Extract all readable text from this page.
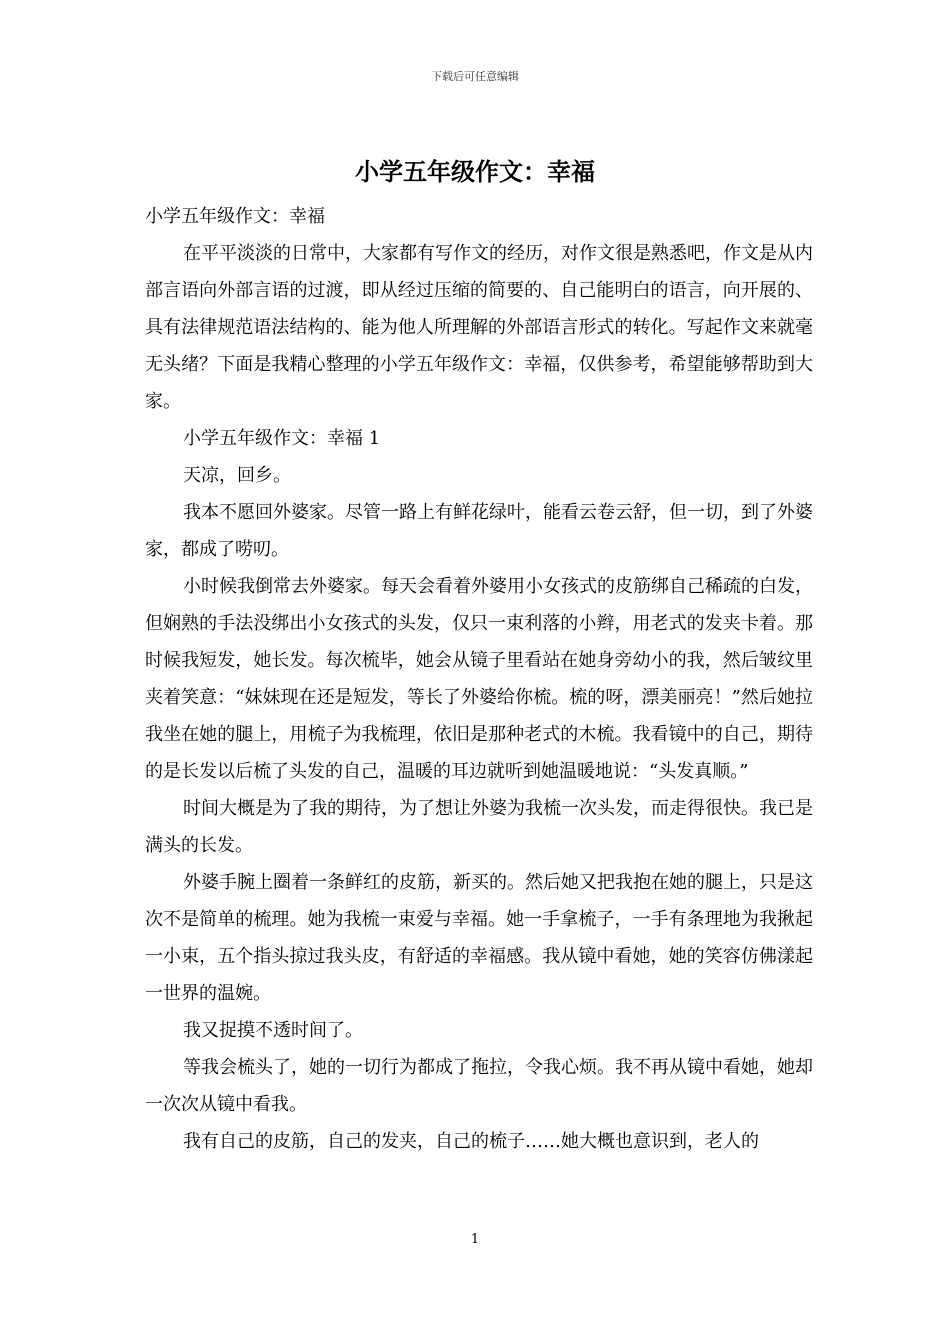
下载后可任意编辑
小学五年级作文：幸福

小学五年级作文：幸福

在平平淡淡的日常中，大家都有写作文的经历，对作文很是熟悉吧，作文是从内部言语向外部言语的过渡，即从经过压缩的简要的、自己能明白的语言，向开展的、具有法律规范语法结构的、能为他人所理解的外部语言形式的转化。写起作文来就毫无头绪？下面是我精心整理的小学五年级作文：幸福，仅供参考，希望能够帮助到大家。

小学五年级作文：幸福 1

天凉，回乡。

我本不愿回外婆家。尽管一路上有鲜花绿叶，能看云卷云舒，但一切，到了外婆家，都成了唠叨。

小时候我倒常去外婆家。每天会看着外婆用小女孩式的皮筋绑自己稀疏的白发，但娴熟的手法没绑出小女孩式的头发，仅只一束利落的小辫，用老式的发夹卡着。那时候我短发，她长发。每次梳毕，她会从镜子里看站在她身旁幼小的我，然后皱纹里夹着笑意：“妹妹现在还是短发，等长了外婆给你梳。梳的呀，漂美丽亮！”然后她拉我坐在她的腿上，用梳子为我梳理，依旧是那种老式的木梳。我看镜中的自己，期待的是长发以后梳了头发的自己，温暖的耳边就听到她温暖地说：“头发真顺。”

时间大概是为了我的期待，为了想让外婆为我梳一次头发，而走得很快。我已是满头的长发。

外婆手腕上圈着一条鲜红的皮筋，新买的。然后她又把我抱在她的腿上，只是这次不是简单的梳理。她为我梳一束爱与幸福。她一手拿梳子，一手有条理地为我揪起一小束，五个指头掠过我头皮，有舒适的幸福感。我从镜中看她，她的笑容仿佛漾起一世界的温婉。

我又捉摸不透时间了。

等我会梳头了，她的一切行为都成了拖拉，令我心烦。我不再从镜中看她，她却一次次从镜中看我。

我有自己的皮筋，自己的发夹，自己的梳子……她大概也意识到，老人的

1
